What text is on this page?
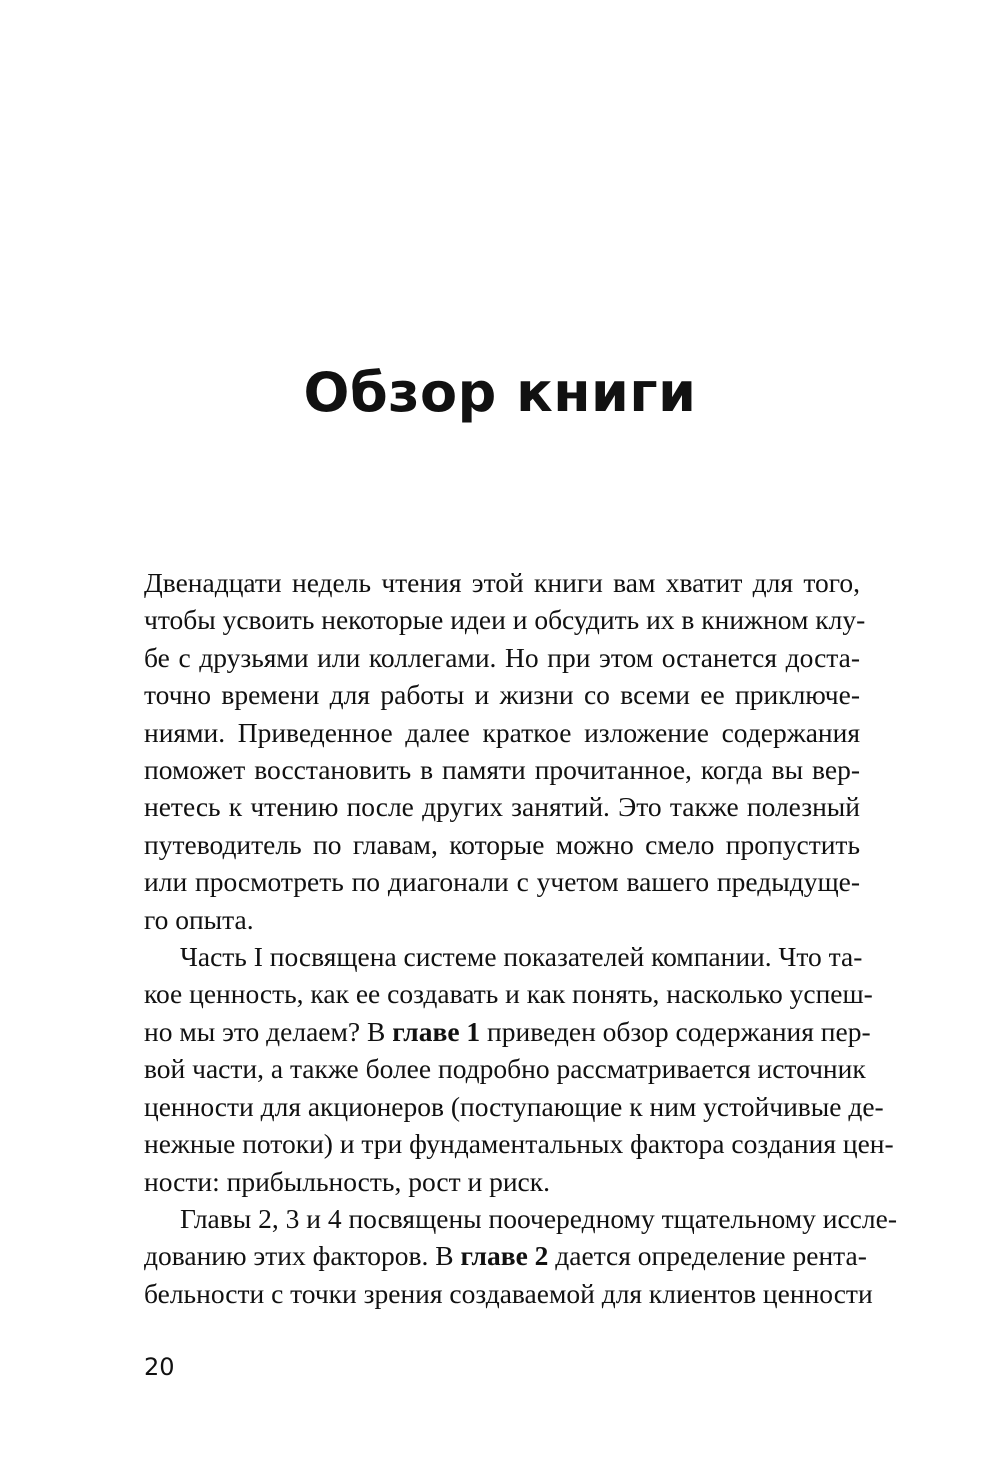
Обзор книги
Двенадцати недель чтения этой книги вам хватит для того,
чтобы усвоить некоторые идеи и обсудить их в книжном клу-
бе с друзьями или коллегами. Но при этом останется доста-
точно времени для работы и жизни со всеми ее приключе-
ниями. Приведенное далее краткое изложение содержания
поможет восстановить в памяти прочитанное, когда вы вер-
нетесь к чтению после других занятий. Это также полезный
путеводитель по главам, которые можно смело пропустить
или просмотреть по диагонали с учетом вашего предыдуще-
го опыта.
Часть I посвящена системе показателей компании. Что та-
кое ценность, как ее создавать и как понять, насколько успеш-
но мы это делаем? В главе 1 приведен обзор содержания пер-
вой части, а также более подробно рассматривается источник
ценности для акционеров (поступающие к ним устойчивые де-
нежные потоки) и три фундаментальных фактора создания цен-
ности: прибыльность, рост и риск.
Главы 2, 3 и 4 посвящены поочередному тщательному иссле-
дованию этих факторов. В главе 2 дается определение рента-
бельности с точки зрения создаваемой для клиентов ценности
20
